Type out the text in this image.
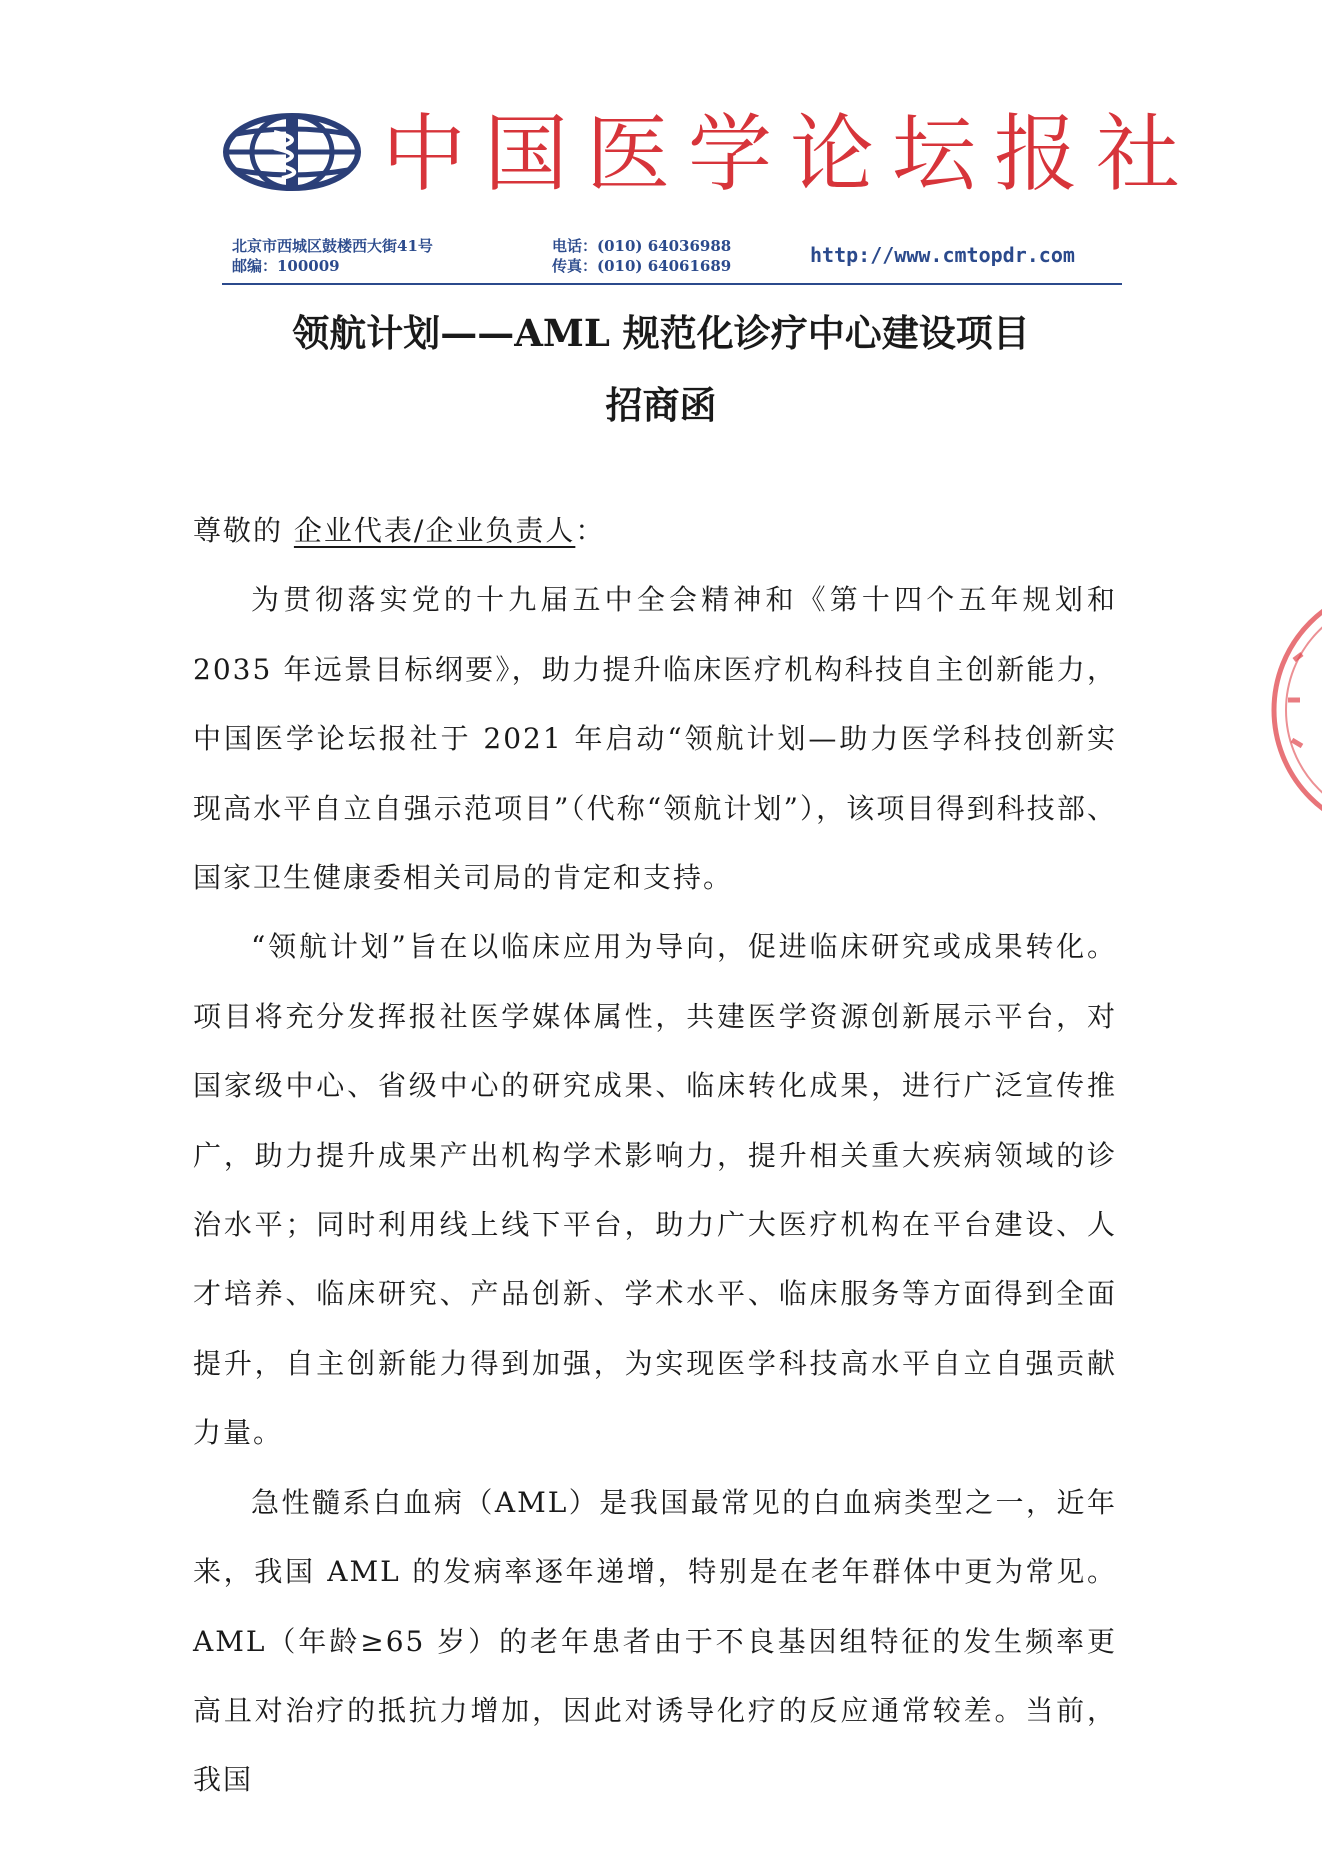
中国医学论坛报社
北京市西城区鼓楼西大街41号
邮编：100009
电话：(010) 64036988
传真：(010) 64061689	http://www.cmtopdr.com
领航计划——AML 规范化诊疗中心建设项目
招商函

尊敬的 企业代表/企业负责人：

为贯彻落实党的十九届五中全会精神和《第十四个五年规划和2035 年远景目标纲要》，助力提升临床医疗机构科技自主创新能力，中国医学论坛报社于 2021 年启动“领航计划—助力医学科技创新实现高水平自立自强示范项目”（代称“领航计划”），该项目得到科技部、国家卫生健康委相关司局的肯定和支持。

“领航计划”旨在以临床应用为导向，促进临床研究或成果转化。项目将充分发挥报社医学媒体属性，共建医学资源创新展示平台，对国家级中心、省级中心的研究成果、临床转化成果，进行广泛宣传推广，助力提升成果产出机构学术影响力，提升相关重大疾病领域的诊治水平；同时利用线上线下平台，助力广大医疗机构在平台建设、人才培养、临床研究、产品创新、学术水平、临床服务等方面得到全面提升，自主创新能力得到加强，为实现医学科技高水平自立自强贡献力量。

急性髓系白血病（AML）是我国最常见的白血病类型之一，近年来，我国 AML 的发病率逐年递增，特别是在老年群体中更为常见。AML（年龄≥65 岁）的老年患者由于不良基因组特征的发生频率更高且对治疗的抵抗力增加，因此对诱导化疗的反应通常较差。当前，我国
